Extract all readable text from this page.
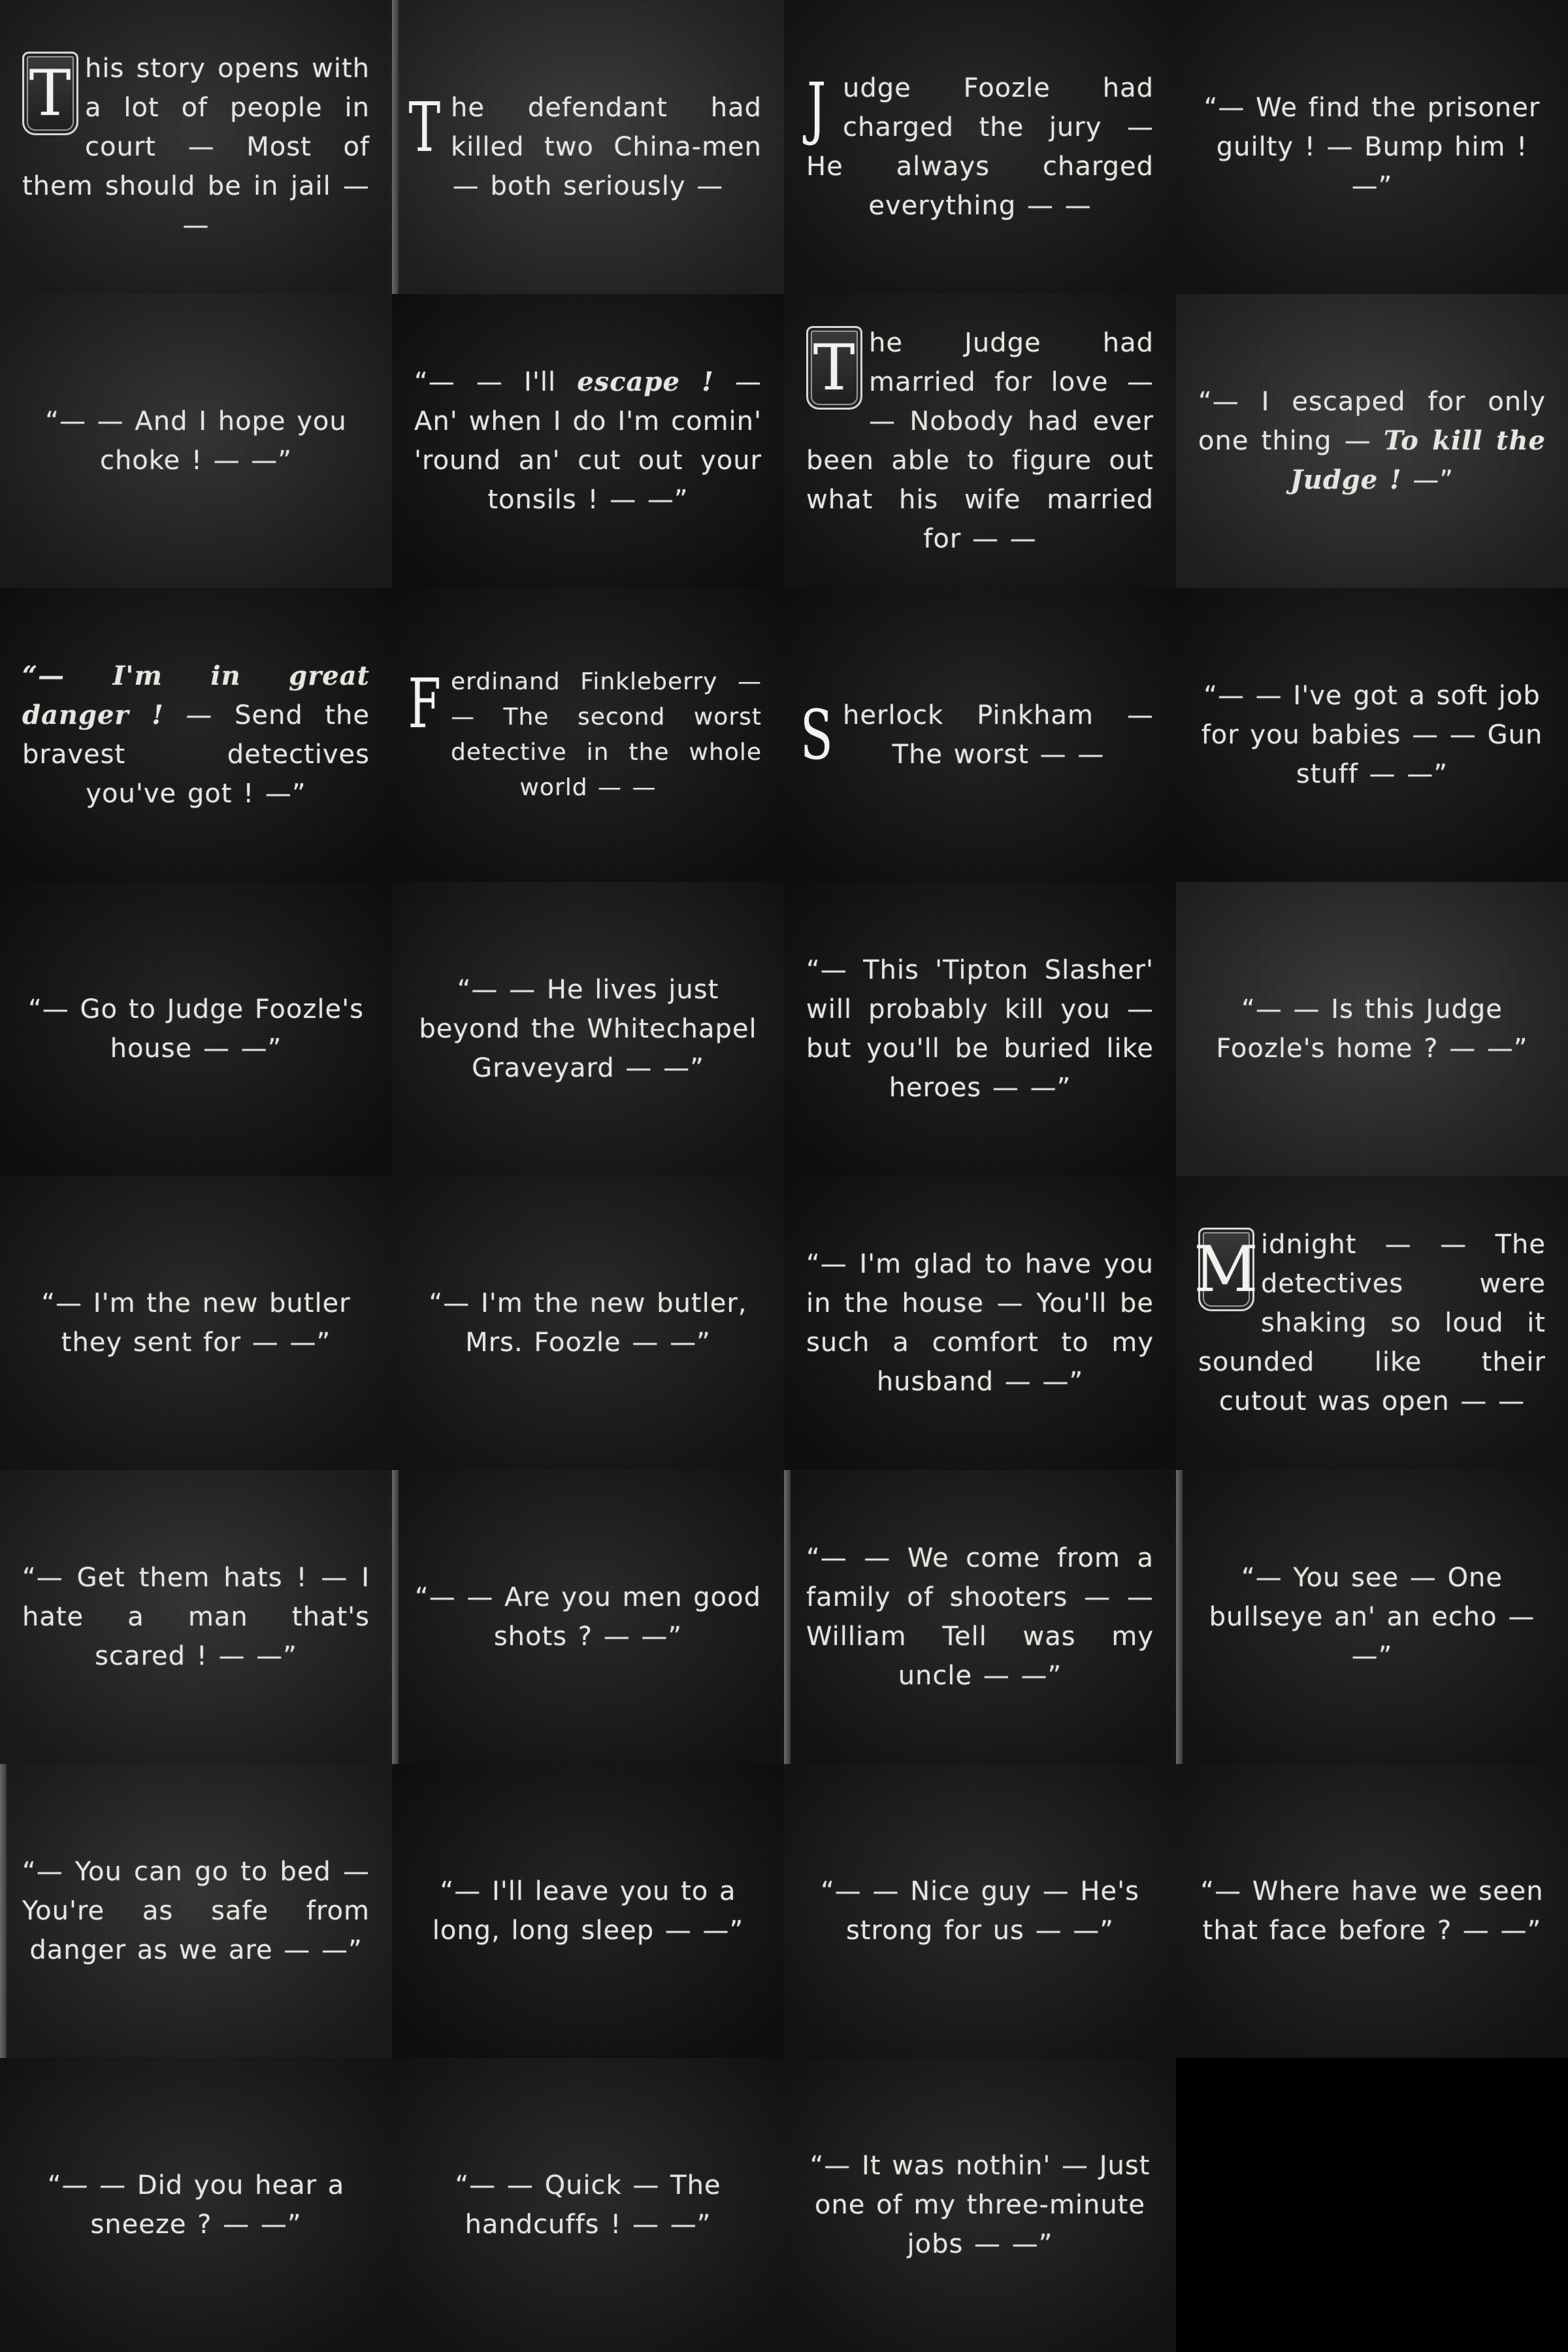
T his story opens with a lot of people in court — Most of them should be in jail — —
The defendant had killed two China-men — both seriously —
Judge Foozle had charged the jury — He always charged everything — —

“— We find the prisoner guilty ! — Bump him ! —”

“— — And I hope you choke ! — —”

“— — I'll escape ! — An' when I do I'm comin' 'round an' cut out your tonsils ! — —”

T he Judge had married for love — — Nobody had ever been able to figure out what his wife married for — —

“— I escaped for only one thing — To kill the Judge ! —”

“— I'm in great danger ! — Send the bravest detectives you've got ! —”

Ferdinand Finkleberry — — The second worst detective in the whole world — —
Sherlock Pinkham — The worst — —

“— — I've got a soft job for you babies — — Gun stuff — —”

“— Go to Judge Foozle's house — —”

“— — He lives just beyond the Whitechapel Graveyard — —”

“— This 'Tipton Slasher' will probably kill you — but you'll be buried like heroes — —”

“— — Is this Judge Foozle's home ? — —”

“— I'm the new butler they sent for — —”

“— I'm the new butler, Mrs. Foozle — —”

“— I'm glad to have you in the house — You'll be such a comfort to my husband — —”

M idnight — — The detectives were shaking so loud it sounded like their cutout was open — —

“— Get them hats ! — I hate a man that's scared ! — —”

“— — Are you men good shots ? — —”

“— — We come from a family of shooters — — William Tell was my uncle — —”

“— You see — One bullseye an' an echo — —”

“— You can go to bed — You're as safe from danger as we are — —”

“— I'll leave you to a long, long sleep — —”

“— — Nice guy — He's strong for us — —”

“— Where have we seen that face before ? — —”

“— — Did you hear a sneeze ? — —”

“— — Quick — The handcuffs ! — —”

“— It was nothin' — Just one of my three-minute jobs — —”
